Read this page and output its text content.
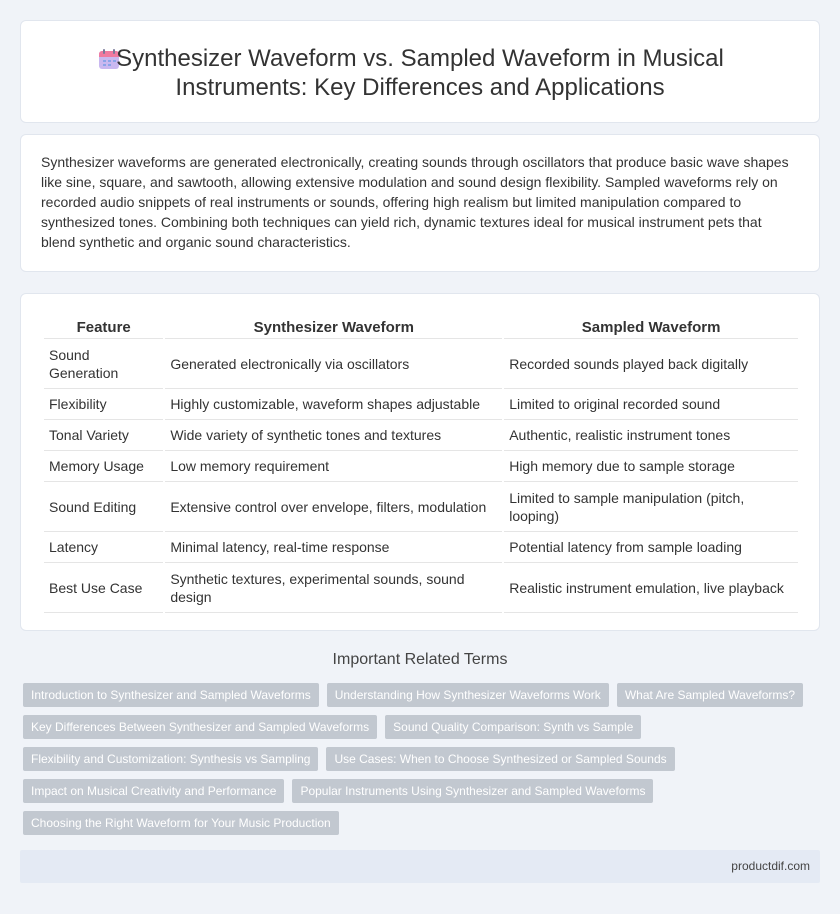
Synthesizer Waveform vs. Sampled Waveform in Musical Instruments: Key Differences and Applications

Synthesizer waveforms are generated electronically, creating sounds through oscillators that produce basic wave shapes like sine, square, and sawtooth, allowing extensive modulation and sound design flexibility. Sampled waveforms rely on recorded audio snippets of real instruments or sounds, offering high realism but limited manipulation compared to synthesized tones. Combining both techniques can yield rich, dynamic textures ideal for musical instrument pets that blend synthetic and organic sound characteristics.

Feature	Synthesizer Waveform	Sampled Waveform
Sound Generation	Generated electronically via oscillators	Recorded sounds played back digitally
Flexibility	Highly customizable, waveform shapes adjustable	Limited to original recorded sound
Tonal Variety	Wide variety of synthetic tones and textures	Authentic, realistic instrument tones
Memory Usage	Low memory requirement	High memory due to sample storage
Sound Editing	Extensive control over envelope, filters, modulation	Limited to sample manipulation (pitch, looping)
Latency	Minimal latency, real-time response	Potential latency from sample loading
Best Use Case	Synthetic textures, experimental sounds, sound design	Realistic instrument emulation, live playback
Important Related Terms
Introduction to Synthesizer and Sampled Waveforms	Understanding How Synthesizer Waveforms Work	What Are Sampled Waveforms?
Key Differences Between Synthesizer and Sampled Waveforms	Sound Quality Comparison: Synth vs Sample
Flexibility and Customization: Synthesis vs Sampling	Use Cases: When to Choose Synthesized or Sampled Sounds
Impact on Musical Creativity and Performance	Popular Instruments Using Synthesizer and Sampled Waveforms
Choosing the Right Waveform for Your Music Production
productdif.com
